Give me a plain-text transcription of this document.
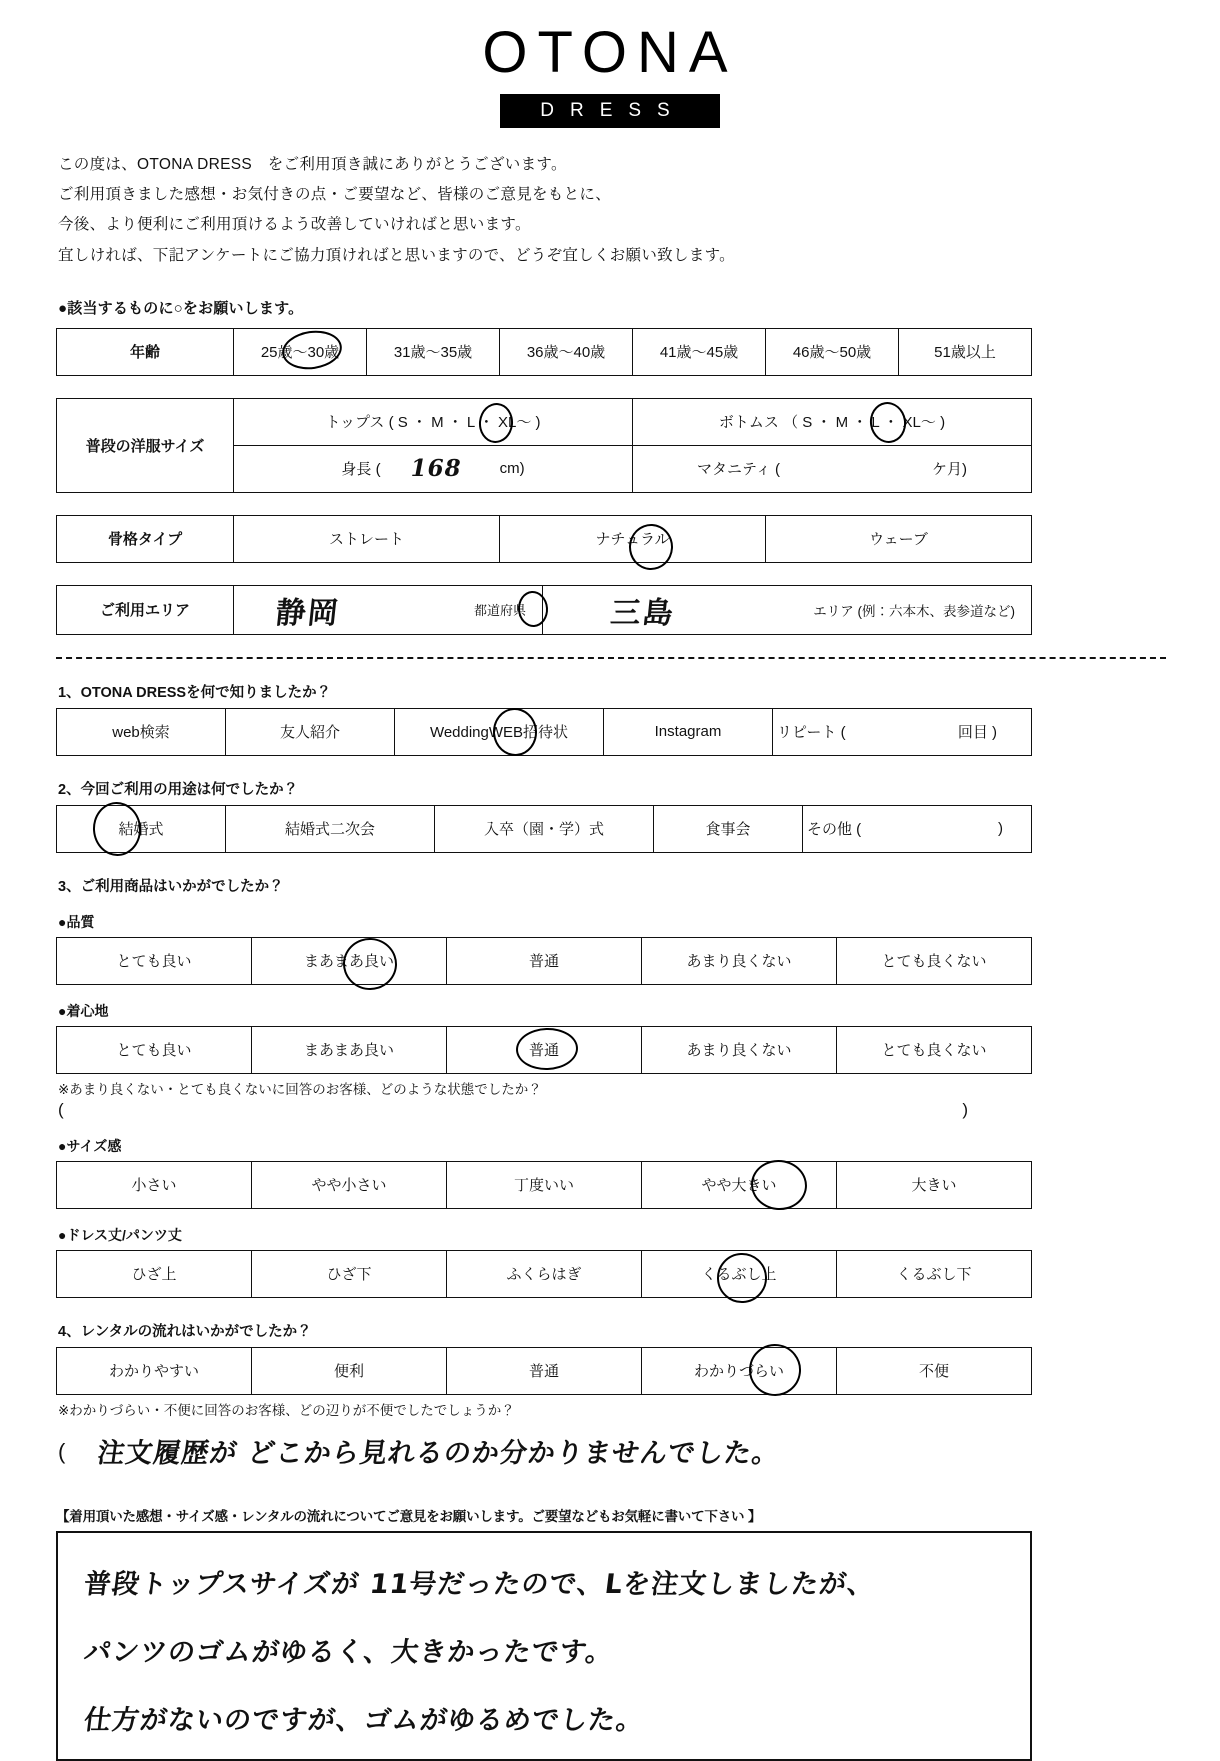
OTONA
DRESS
この度は、OTONA DRESS　をご利用頂き誠にありがとうございます。
ご利用頂きました感想・お気付きの点・ご要望など、皆様のご意見をもとに、
今後、より便利にご利用頂けるよう改善していければと思います。
宜しければ、下記アンケートにご協力頂ければと思いますので、どうぞ宜しくお願い致します。
●該当するものに○をお願いします。
年齢	25歳～30歳	31歳～35歳	36歳～40歳	41歳～45歳	46歳～50歳	51歳以上
普段の洋服サイズ	トップス ( S ・ M ・ L ・ XL～ )	ボトムス （ S ・ M ・ L ・ XL～ )

	身長 ( 168 cm)	マタニティ ( ケ月)
骨格タイプ	ストレート	ナチュラル	ウェーブ
ご利用エリア	静岡	都道府県	三島	エリア (例：六本木、表参道など)
1、OTONA DRESSを何で知りましたか？
web検索	友人紹介	WeddingWEB招待状	Instagram	リピート (	回目 )
2、今回ご利用の用途は何でしたか？
結婚式	結婚式二次会	入卒（園・学）式	食事会	その他 (	)
3、ご利用商品はいかがでしたか？
●品質
とても良い	まあまあ良い	普通	あまり良くない	とても良くない
●着心地
とても良い	まあまあ良い	普通	あまり良くない	とても良くない
※あまり良くない・とても良くないに回答のお客様、どのような状態でしたか？
(	)
●サイズ感
小さい	やや小さい	丁度いい	やや大きい	大きい
●ドレス丈/パンツ丈
ひざ上	ひざ下	ふくらはぎ	くるぶし上	くるぶし下
4、レンタルの流れはいかがでしたか？
わかりやすい	便利	普通	わかりづらい	不便
※わかりづらい・不便に回答のお客様、どの辺りが不便でしたでしょうか？
( 注文履歴が どこから見れるのか分かりませんでした。
【着用頂いた感想・サイズ感・レンタルの流れについてご意見をお願いします。ご要望などもお気軽に書いて下さい 】
普段トップスサイズが 11号だったので、Lを注文しましたが、
パンツのゴムがゆるく、大きかったです。
仕方がないのですが、ゴムがゆるめでした。
